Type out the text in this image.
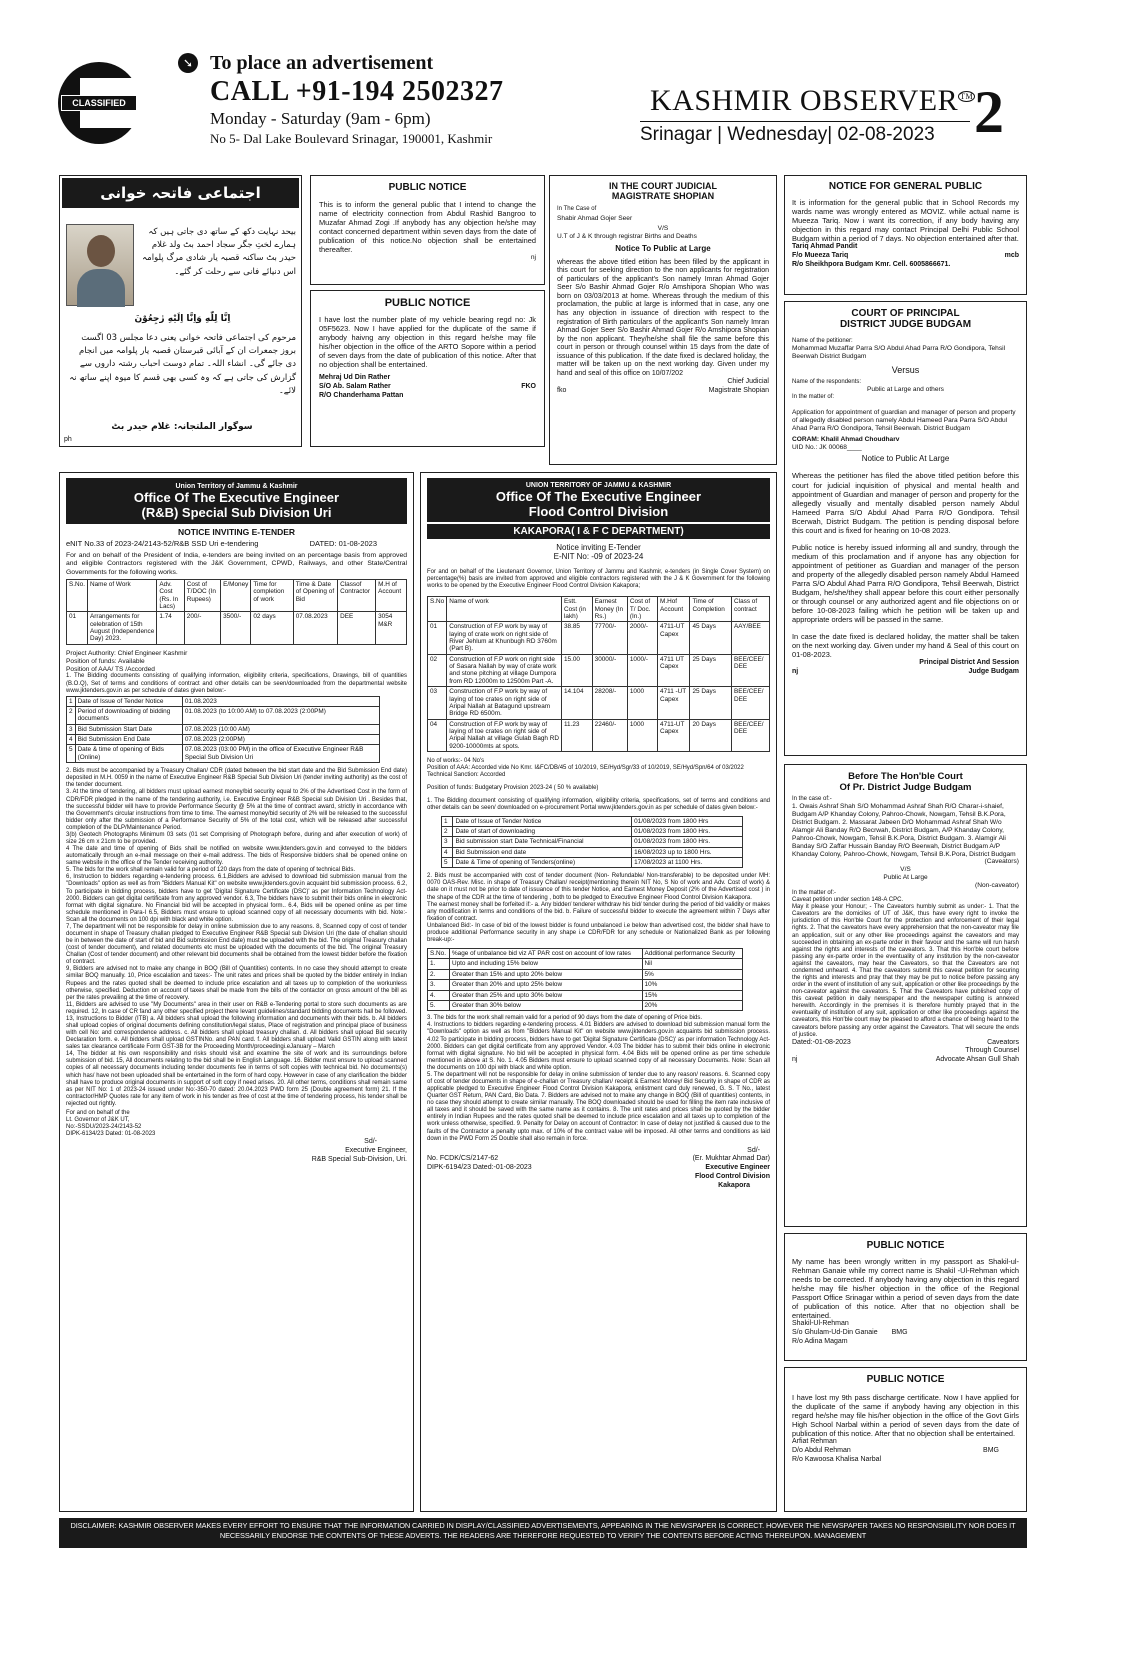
CLASSIFIED
➘ To place an advertisement
CALL +91-194 2502327
Monday - Saturday (9am - 6pm)
No 5- Dal Lake Boulevard Srinagar, 190001, Kashmir
KASHMIR OBSERVER ™
Srinagar | Wednesday| 02-08-2023 2
اجتماعی فاتحہ خوانی
بیحد نہایت دکھ کے ساتھ دی جاتی ہیں کہ ہمارے لختِ جگر سجاد احمد بٹ ولد غلام حیدر بٹ ساکنہ قصبہ یار شادی مرگ پلوامہ اس دنیائے فانی سے رحلت کر گئے۔
اِنَّا لِلّٰهِ وَاِنَّا اِلَيْهِ رٰجِعُوْنَ
مرحوم کی اجتماعی فاتحہ خوانی یعنی دعا مجلس 03 اگست بروز جمعرات ان کے آبائی قبرستان قصبہ یار پلوامہ میں انجام دی جائے گی۔ انشاء اللہ۔ تمام دوست احباب رشتہ داروں سے گزارش کی جاتی ہے کہ وہ کسی بھی قسم کا میوہ اپنے ساتھ نہ لائے۔
سوگوار الملتجانہ: غلام حیدر بٹ
ph
PUBLIC NOTICE
This is to inform the general public that I intend to change the name of electricity connection from Abdul Rashid Bangroo to Muzafar Ahmad Zogi .If anybody has any objection he/she may contact concerned department within seven days from the date of publication of this notice.No objection shall be entertained thereafter.
nj
PUBLIC NOTICE
I have lost the number plate of my vehicle bearing regd no: Jk 05F5623. Now I have applied for the duplicate of the same if anybody haivng any objection in this regard he/she may file his/her objection in the office of the ARTO Sopore within a period of seven days from the date of publication of this notice. After that no objection shall be entertained.
Mehraj Ud Din Rather
S/O Ab. Salam Rather	FKO
R/O Chanderhama Pattan
IN THE COURT JUDICIAL
MAGISTRATE SHOPIAN
In The Case of
Shabir Ahmad Gojer Seer
V/S
U.T of J & K through registrar Births and Deaths
Notice To Public at Large
whereas the above titled etition has been filled by the applicant in this court for seeking direction to the non applicants for registration of particulars of the applicant's Son namely Imran Ahmad Gojer Seer S/o Bashir Ahmad Gojer R/o Amshipora Shopian Who was born on 03/03/2013 at home. Whereas through the medium of this proclamation, the public at large is informed that in case, any one has any objection in issuance of direction with respect to the registration of Birth particulars of the applicant's Son namely Imran Ahmad Gojer Seer S/o Bashir Ahmad Gojer R/o Amshipora Shopian by the non applicant. They/he/she shall file the same before this court in person or through counsel within 15 days from the date of issuance of this publication. If the date fixed is declared holiday, the matter will be taken up on the next working day. Given under my hand and seal of this office on 10/07/202
Chief Judicial
fko	Magistrate Shopian
NOTICE FOR GENERAL PUBLIC
It is information for the general public that in School Records my wards name was wrongly entered as MOVIZ. while actual name is Mueeza Tariq. Now i want its correction, if any body having any objection in this regard may contact Principal Delhi Public School Budgam within a period of 7 days. No objection entertained after that.
Tariq Ahmad Pandit
F/o Mueeza Tariq	mcb
R/o Sheikhpora Budgam Kmr. Cell. 6005866671.
COURT OF PRINCIPAL
DISTRICT JUDGE BUDGAM
Name of the petitioner:
Mohammad Muzaffar Parra S/O Abdul Ahad Parra R/O Gondipora, Tehsil Beerwah District Budgam
Versus
Name of the respondents:
Public at Large and others
In the matter of:
Application for appointment of guardian and manager of person and property of allegedly disabled person namely Abdul Hameed Para Parra S/O Abdul Ahad Parra R/O Gondipora, Tehsil Beerwah. District Budgam
CORAM: Khalil Ahmad Choudharv
UID No.: JK 00068____
Notice to Public At Large
Whereas the petitioner has filed the above titled petition before this court for judicial inquisition of physical and mental health and appointment of Guardian and manager of person and property for the allegedly visually and mentally disabled person namely Abdul Hameed Parra S/O Abdul Ahad Parra R/O Gondipora. Tehsil Bcerwah, District Budgam. The petition is pending disposal before this court and is fixed for hearing on 10-08 2023.
Public notice is hereby issued informing all and sundry, through the medium of this proclamation and if anyone has any objection for appointment of petitioner as Guardian and manager of the person and property of the allegedly disabled person namely Abdul Hameed Parra S/O Abdul Ahad Parra R/O Gondipora, Tehsil Beerwah, District Budgam, he/she/they shall appear before this court either personally or through counsel or any authorized agent and file objections on or before 10-08-2023 failing which he petition will be taken up and appropriate orders will be passed in the same.
In case the date fixed is declared holiday, the matter shall be taken on the next working day. Given under my hand & Seal of this court on 01-08-2023.
Principal District And Session
nj	Judge Budgam
Union Territory of Jammu & Kashmir
Office Of The Executive Engineer
(R&B) Special Sub Division Uri
NOTICE INVITING E-TENDER
eNIT No.33 of 2023-24/2143-52/R&B SSD Uri e-tendering	DATED: 01-08-2023
For and on behalf of the President of India, e-tenders are being invited on an percentage basis from approved and eligible Contractors registered with the J&K Government, CPWD, Railways, and other State/Central Governments for the following works.
S.No.	Name of Work	Adv. Cost (Rs. In Lacs)	Cost of T/DOC (In Rupees)	E/Money	Time for completion of work	Time & Date of Opening of Bid	Classof Contractor	M.H of Account
01	Arrangements for celebration of 15th August (Independence Day) 2023.	1.74	200/-	3500/-	02 days	07.08.2023	DEE	3054 M&R
Project Authority: Chief Engineer Kashmir
Position of funds: Available
Position of AAA/ TS /Accorded
1. The Bidding documents consisting of qualifying information, eligibility criteria, specifications, Drawings, bill of quantities (B.O.Q), Set of terms and conditions of contract and other details can be seen/downloaded from the departmental website www.jktenders.gov.in as per schedule of dates given below:-
1	Date of Issue of Tender Notice	01.08.2023
2	Period of downloading of bidding documents	01.08.2023 (to 10:00 AM) to 07.08.2023 (2:00PM)
3	Bid Submission Start Date	07.08.2023 (10:00 AM)
4	Bid Submission End Date	07.08.2023 (2:00PM)
5	Date & time of opening of Bids (Online)	07.08.2023 (03:00 PM) in the office of Executive Engineer R&B Special Sub Division Uri
2. Bids must be accompanied by a Treasury Challan/ CDR (dated between the bid start date and the Bid Submission End date) deposited in M.H. 0059 in the name of Executive Engineer R&B Special Sub Division Uri (tender inviting authority) as the cost of the tender document.
3. At the time of tendering, all bidders must upload earnest money/bid security equal to 2% of the Advertised Cost in the form of CDR/FDR pledged in the name of the tendering authority, i.e. Executive Engineer R&B Special sub Division Uri . Besides that, the successful bidder will have to provide Performance Security @ 5% at the time of contract award, strictly in accordance with the Government's circular instructions from time to time. The earnest money/bid security of 2% will be released to the successful bidder only after the submission of a Performance Security of 5% of the total cost, which will be released after successful completion of the DLP/Maintenance Period.
3(b) Geotech Photographs Minimum 03 sets (01 set Comprising of Photograph before, during and after execution of work) of size 26 cm x 21cm to be provided.
4 The date and time of opening of Bids shall be notified on website www.jktenders.gov.in and conveyed to the bidders automatically through an e-mail message on their e-mail address. The bids of Responsive bidders shall be opened online on same website in the office of the Tender receiving authority.
5. The bids for the work shall remain valid for a period of 120 days from the date of opening of technical Bids.
6, Instruction to bidders regarding e-tendering process. 6.1,Bidders are advised to download bid submission manual from the "Downloads" option as well as from "Bidders Manual Kit" on website www.jktenders.gov.in acquaint bid submission process. 6.2, To participate in bidding process, bidders have to get 'Digital Signature Certificate (DSC)' as per Information Technology Act-2000. Bidders can get digital certificate from any approved vendor. 6.3, The bidders have to submit their bids online in electronic format with digital signature. No Financial bid will be accepted in physical form.. 6.4, Bids will be opened online as per time schedule mentioned in Para-I 6.5, Bidders must ensure to upload scanned copy of all necessary documents with bid. Note:- Scan all the documents on 100 dpi with black and white option.
7, The department will not be responsible for delay in online submission due to any reasons. 8, Scanned copy of cost of tender document in shape of Treasury challan pledged to Executive Engineer R&B Special sub Division Uri (the date of challan should be in between the date of start of bid and Bid submission End date) must be uploaded with the bid. The original Treasury challan (cost of tender document), and related documents etc must be uploaded with the documents of the bid. The original Treasury Challan (Cost of tender document) and other relevant bid documents shall be obtained from the lowest bidder before the fixation of contract.
9, Bidders are advised not to make any change in BOQ (Bill of Quantities) contents. In no case they should attempt to create similar BOQ manually. 10, Price escalation and taxes:- The unit rates and prices shall be quoted by the bidder entirely in Indian Rupees and the rates quoted shall be deemed to include price escalation and all taxes up to completion of the workunless otherwise, specified. Deduction on account of taxes shall be made from the bills of the contactor on gross amount of the bill as per the rates prevailing at the time of recovery.
11, Bidders are advised to use "My Documents" area in their user on R&B e-Tendering portal to store such documents as are required. 12, In case of CR fand any other specified project there levant guidelines/standard bidding documents hall be followed. 13, Instructions to Bidder (ITB) a. All bidders shall upload the following information and documents with their bids. b. All bidders shall upload copies of original documents defining constitution/legal status, Place of registration and principal place of business with cell No: and correspondence address. c. All bidders shall upload treasury challan. d. All bidders shall upload Bid security Declaration form. e. All bidders shall upload GSTINNo. and PAN card. f. All bidders shall upload Valid GSTIN along with latest sales tax clearance certificate Form GST-3B for the Proceeding Month/proceedingi.eJanuary – March
14, The bidder at his own responsibility and risks should visit and examine the site of work and its surroundings before submission of bid. 15, All documents relating to the bid shall be in English Language. 16. Bidder must ensure to upload scanned copies of all necessary documents including tender documents fee in terms of soft copies with technical bid. No documents(s) which has/ have not been uploaded shall be entertained in the form of hard copy. However in case of any clarification the bidder shall have to produce original documents in support of soft copy if need arises. 20. All other terms, conditions shall remain same as per NIT No: 1 of 2023-24 issued under No:-350-70 dated: 20.04.2023 PWD form 25 (Double agreement form) 21. If the contractor/HMP Quotes rate for any item of work in his tender as free of cost at the time of tendering process, his tender shall be rejected out rightly.
For and on behalf of the
Lt. Governor of J&K UT,
No:-SSDU/2023-24/2143-52
DIPK-6134/23 Dated: 01-08-2023
Sd/-
Executive Engineer,
R&B Special Sub-Division, Uri.
UNION TERRITORY OF JAMMU & KASHMIR
Office Of The Executive Engineer
Flood Control Division
KAKAPORA( I & F C DEPARTMENT)
Notice inviting E-Tender
E-NIT No: -09 of 2023-24
For and on behalf of the Lieutenant Governor, Union Territory of Jammu and Kashmir, e-tenders (in Single Cover System) on percentage(%) basis are invited from approved and eligible contractors registered with the J & K Government for the following works to be opened by the Executive Engineer Flood Control Division Kakapora;
S.No	Name of work	Estt. Cost (in lakh)	Earnest Money (In Rs.)	Cost of T/ Doc. (In.)	M.Hof Account	Time of Completion	Class of contract
01	Construction of F.P work by way of laying of crate work on right side of River Jehlum at Khunbugh RD 3760m (Part B).	38.85	77700/-	2000/-	4711-UT Capex	45 Days	AAY/BEE
02	Construction of F.P work on right side of Sasara Nallah by way of crate work and stone pitching at village Dumpora from RD 12000m to 12500m Part -A.	15.00	30000/-	1000/-	4711 UT Capex	25 Days	BEE/CEE/ DEE
03	Construction of F.P work by way of laying of toe crates on right side of Aripal Nallah at Batagund upstream Bridge RD 6500m.	14.104	28208/-	1000	4711 -UT Capex	25 Days	BEE/CEE/ DEE
04	Construction of F.P work by way of laying of toe crates on right side of Aripal Nallah at village Gulab Bagh RD 9200-10000mts at spots.	11.23	22460/-	1000	4711-UT Capex	20 Days	BEE/CEE/ DEE
No of works:- 04 No's
Position of AAA: Accorded vide No Kmr. I&FC/DB/45 of 10/2019, SE/Hyd/Sgr/33 of 10/2019, SE/Hyd/Spn/64 of 03/2022
Technical Sanction: Accorded
Position of funds: Budgetary Provision 2023-24 ( 50 % available)
1. The Bidding document consisting of qualifying information, eligibility criteria, specifications, set of terms and conditions and other details can be seen/ downloaded on e-procurement Portal www.jktenders.gov.in as per schedule of dates given below:-
1	Date of Issue of Tender Notice	01/08/2023 from 1800 Hrs
2	Date of start of downloading	01/08/2023 from 1800 Hrs.
3	Bid submission start Date Technical/Financial	01/08/2023 from 1800 Hrs.
4	Bid Submission end date	16/08/2023 up to 1800 Hrs.
5	Date & Time of opening of Tenders(online)	17/08/2023 at 1100 Hrs.
2. Bids must be accompanied with cost of tender document (Non- Refundable/ Non-transferable) to be deposited under MH: 0070 OAS-Rev. Misc. in shape of Treasury Challan/ receipt(mentioning therein NIT No, S No of work and Adv. Cost of work) & date on it must not be prior to date of issuance of this tender Notice, and Earnest Money Deposit (2% of the Advertised cost ) in the shape of the CDR at the time of tendering , both to be pledged to Executive Engineer Flood Control Division Kakapora.
The earnest money shall be forfeited if:- a. Any bidder/ tenderer withdraw his bid/ tender during the period of bid validity or makes any modification in terms and conditions of the bid. b. Failure of successful bidder to execute the agreement within 7 Days after fixation of contract.
Unbalanced Bid:- In case of bid of the lowest bidder is found unbalanced i.e below than advertised cost, the bidder shall have to produce additional Performance security in any shape i.e CDR/FDR for any schedule or Nationalized Bank as per following break-up:-
S.No.	%age of unbalance bid viz AT PAR cost on account of low rates	Additional performance Security
1.	Upto and including 15% below	Nil
2.	Greater than 15% and upto 20% below	5%
3.	Greater than 20% and upto 25% below	10%
4.	Greater than 25% and upto 30% below	15%
5.	Greater than 30% below	20%
3. The bids for the work shall remain valid for a period of 90 days from the date of opening of Price bids.
4. Instructions to bidders regarding e-tendering process. 4.01 Bidders are advised to download bid submission manual form the "Downloads" option as well as from "Bidders Manual Kit" on website www.jktenders.gov.in acquaints bid submission process. 4.02 To participate in bidding process, bidders have to get 'Digital Signature Certificate (DSC)' as per information Technology Act- 2000. Bidders can get digital certificate from any approved Vendor. 4.03 The bidder has to submit their bids online in electronic format with digital signature. No bid will be accepted in physical form. 4.04 Bids will be opened online as per time schedule mentioned in above at S. No. 1. 4.05 Bidders must ensure to upload scanned copy of all necessary Documents. Note: Scan all the documents on 100 dpi with black and white option.
5. The department will not be responsible for delay in online submission of tender due to any reason/ reasons. 6. Scanned copy of cost of tender documents in shape of e-challan or Treasury challan/ receipt & Earnest Money/ Bid Security in shape of CDR as applicable pledged to Executive Engineer Flood Control Division Kakapora, enlistment card duly renewed, G. S. T No., latest Quarter GST Return, PAN Card, Bio Data. 7. Bidders are advised not to make any change in BOQ (Bill of quantities) contents, in no case they should attempt to create similar manually. The BOQ downloaded should be used for filling the item rate inclusive of all taxes and it should be saved with the same name as it contains. 8. The unit rates and prices shall be quoted by the bidder entirely in Indian Rupees and the rates quoted shall be deemed to include price escalation and all taxes up to completion of the work unless otherwise, specified. 9. Penalty for Delay on account of Contractor: In case of delay not justified & caused due to the faults of the Contractor a penalty upto max. of 10% of the contract value will be imposed. All other terms and conditions as laid down in the PWD Form 25 Double shall also remain in force.
Sd/-
No. FCDK/CS/2147-62	(Er. Mukhtar Ahmad Dar)
DIPK-6194/23 Dated:-01-08-2023	Executive Engineer
Flood Control Division
Kakapora
Before The Hon'ble Court
Of Pr. District Judge Budgam
In the case of:-
1. Owais Ashraf Shah S/O Mohammad Ashraf Shah R/O Charar-i-shaief, Budgam A/P Khanday Colony, Pahroo-Chowk, Nowgam, Tehsil B.K.Pora, District Budgam. 2. Massarat Jabeen D/O Mohammad Ashraf Shah W/o Alamgir Ali Banday R/O Becrwah, District Budgam, A/P Khanday Colony, Pahroo-Chowk, Nowgam, Tehsil B.K.Pora, District Budgam. 3. Alamgir Ali Banday S/O Zaffar Hussain Banday R/O Beerwah, District Budgam A/P Khanday Colony, Pahroo-Chowk, Nowgam, Tehsil B.K.Pora, District Budgam
(Caveators)
V/S
Public At Large
(Non-caveator)
In the matter of:-
Caveat petition under section 148-A CPC.
May it please your Honour; - The Caveators humbly submit as under:- 1. That the Caveators are the domiciles of UT of J&K, thus have every right to invoke the jurisdiction of this Hon'ble Court for the protection and enforcement of their legal rights. 2. That the caveators have every apprehension that the non-caveator may file an application, suit or any other like proceedings against the caveators and may succeeded in obtaining an ex-parte order in their favour and the same will run harsh against the rights and interests of the caveators. 3. That this Hon'ble court before passing any ex-parte order in the eventuality of any institution by the non-caveator against the caveators, may hear the Caveators, so that the Caveators are not condemned unheard. 4. That the caveators submit this caveat petition for securing the rights and interests and pray that they may be put to notice before passing any order in the event of institution of any suit, application or other like proceedings by the non-caveator against the caveators. 5. That the Caveators have published copy of this caveat petition in daily newspaper and the newspaper cutting is annexed herewith. Accordingly in the premises it is therefore humbly prayed that in the eventuality of institution of any suit, application or other like proceedings against the caveators, this Hon'ble court may be pleased to afford a chance of being heard to the caveators before passing any order against the Caveators. That will secure the ends of justice.
Dated:-01-08-2023	Caveators
Through Counsel
nj	Advocate Ahsan Gull Shah
PUBLIC NOTICE
My name has been wrongly written in my passport as Shakil-ul-Rehman Ganaie while my correct name is Shakil -Ul-Rehman which needs to be corrected. If anybody having any objection in this regard he/she may file his/her objection in the office of the Regional Passport Office Srinagar within a period of seven days from the date of publication of this notice. After that no objection shall be entertained.
Shakil-Ul-Rehman
S/o Ghulam-Ud-Din Ganaie BMG
R/o Adina Magam
PUBLIC NOTICE
I have lost my 9th pass discharge certificate. Now I have applied for the duplicate of the same if anybody having any objection in this regard he/she may file his/her objection in the office of the Govt Girls High School Narbal within a period of seven days from the date of publication of this notice. After that no objection shall be entertained.
Arfiat Rehman
D/o Abdul Rehman	BMG
R/o Kawoosa Khalisa Narbal
DISCLAIMER: KASHMIR OBSERVER MAKES EVERY EFFORT TO ENSURE THAT THE INFORMATION CARRIED IN DISPLAY/CLASSIFIED ADVERTISEMENTS, APPEARING IN THE NEWSPAPER IS CORRECT. HOWEVER THE NEWSPAPER TAKES NO RESPONSIBILITY NOR DOES IT NECESSARILY ENDORSE THE CONTENTS OF THESE ADVERTS. THE READERS ARE THEREFORE REQUESTED TO VERIFY THE CONTENTS BEFORE ACTING THEREUPON. MANAGEMENT
